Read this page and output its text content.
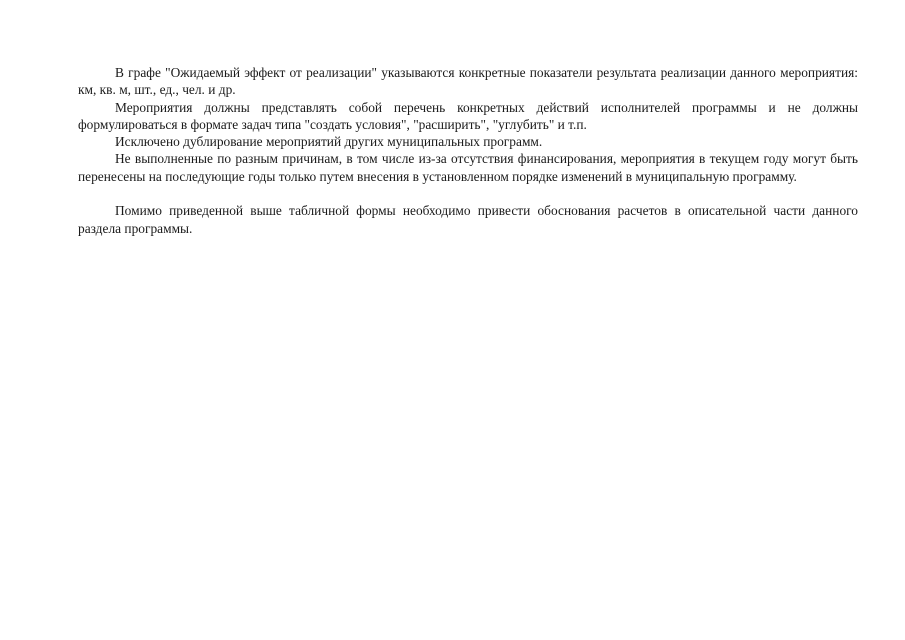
В графе "Ожидаемый эффект от реализации" указываются конкретные показатели результата реализации данного мероприятия: км, кв. м, шт., ед., чел. и др.

Мероприятия должны представлять собой перечень конкретных действий исполнителей программы и не должны формулироваться в формате задач типа "создать условия", "расширить", "углубить" и т.п.

Исключено дублирование мероприятий других муниципальных программ.

Не выполненные по разным причинам, в том числе из-за отсутствия финансирования, мероприятия в текущем году могут быть перенесены на последующие годы только путем внесения в установленном порядке изменений в муниципальную программу.

Помимо приведенной выше табличной формы необходимо привести обоснования расчетов в описательной части данного раздела программы.
